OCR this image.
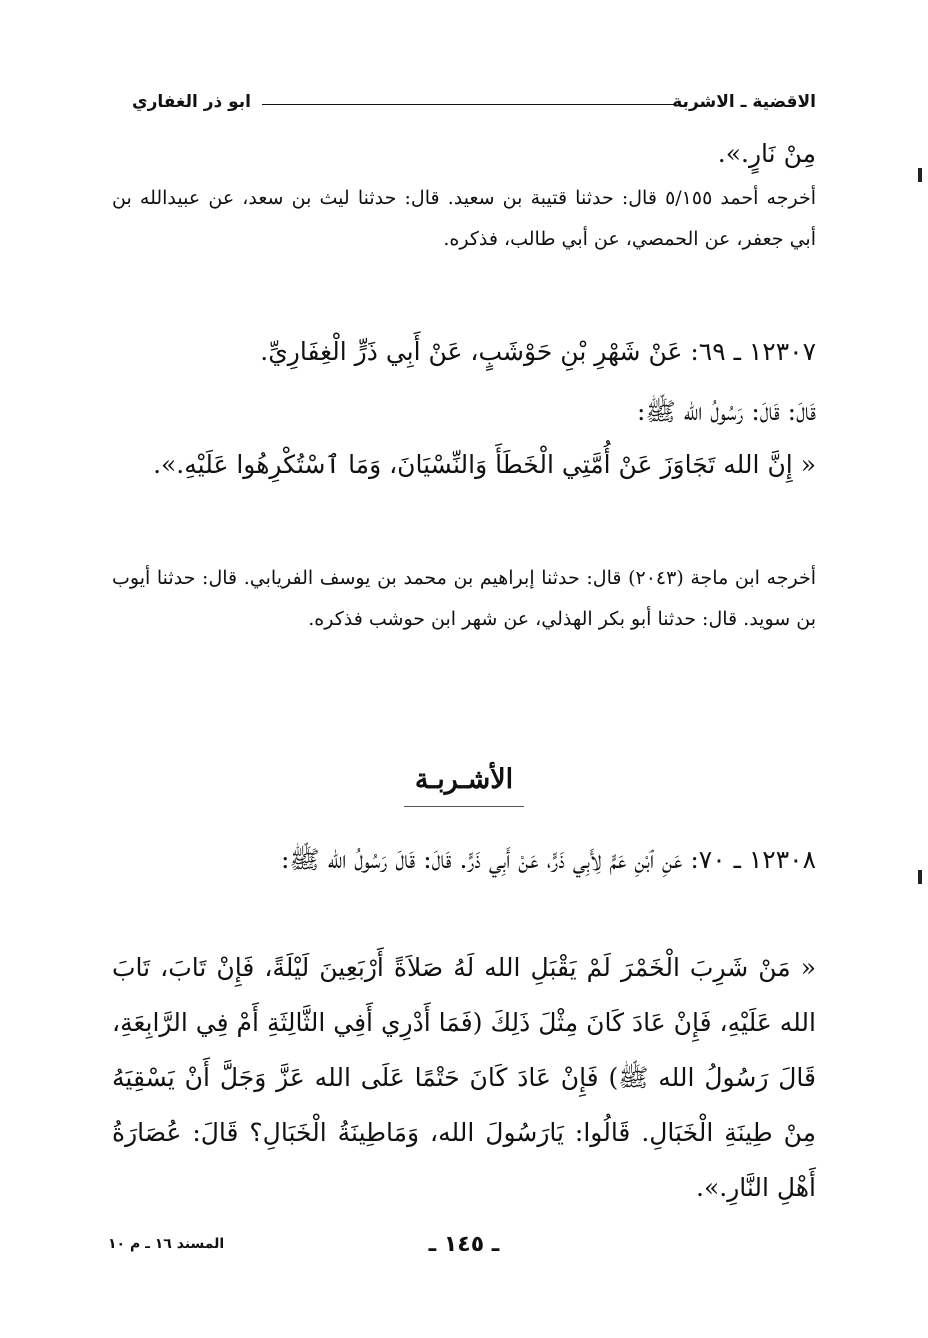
الاقضية ـ الاشربة
ابو ذر الغفاري
مِنْ نَارٍ.».
أخرجه أحمد ٥/١٥٥ قال: حدثنا قتيبة بن سعيد. قال: حدثنا ليث بن سعد، عن عبيدالله بن أبي جعفر، عن الحمصي، عن أبي طالب، فذكره.
١٢٣٠٧ ـ ٦٩: عَنْ شَهْرِ بْنِ حَوْشَبٍ، عَنْ أَبِي ذَرٍّ الْغِفَارِيِّ.
قَالَ: قَالَ: رَسُولُ الله ﷺ:
« إِنَّ الله تَجَاوَزَ عَنْ أُمَّتِي الْخَطَأَ وَالنِّسْيَانَ، وَمَا ٱسْتُكْرِهُوا عَلَيْهِ.».
أخرجه ابن ماجة (٢٠٤٣) قال: حدثنا إبراهيم بن محمد بن يوسف الفريابي. قال: حدثنا أيوب بن سويد. قال: حدثنا أبو بكر الهذلي، عن شهر ابن حوشب فذكره.
الأشـربـة
١٢٣٠٨ ـ ٧٠: عَنِ ٱبْنِ عَمٍّ لِأَبِي ذَرٍّ، عَنْ أَبِي ذَرٍّ. قَالَ: قَالَ رَسُولُ الله ﷺ:
« مَنْ شَرِبَ الْخَمْرَ لَمْ يَقْبَلِ الله لَهُ صَلاَةً أَرْبَعِينَ لَيْلَةً، فَإِنْ تَابَ، تَابَ الله عَلَيْهِ، فَإِنْ عَادَ كَانَ مِثْلَ ذَلِكَ (فَمَا أَدْرِي أَفِي الثَّالِثَةِ أَمْ فِي الرَّابِعَةِ، قَالَ رَسُولُ الله ﷺ) فَإِنْ عَادَ كَانَ حَتْمًا عَلَى الله عَزَّ وَجَلَّ أَنْ يَسْقِيَهُ مِنْ طِينَةِ الْخَبَالِ. قَالُوا: يَارَسُولَ الله، وَمَاطِينَةُ الْخَبَالِ؟ قَالَ: عُصَارَةُ أَهْلِ النَّارِ.».
ـ ١٤٥ ـ
المسند ١٦ ـ م ١٠
